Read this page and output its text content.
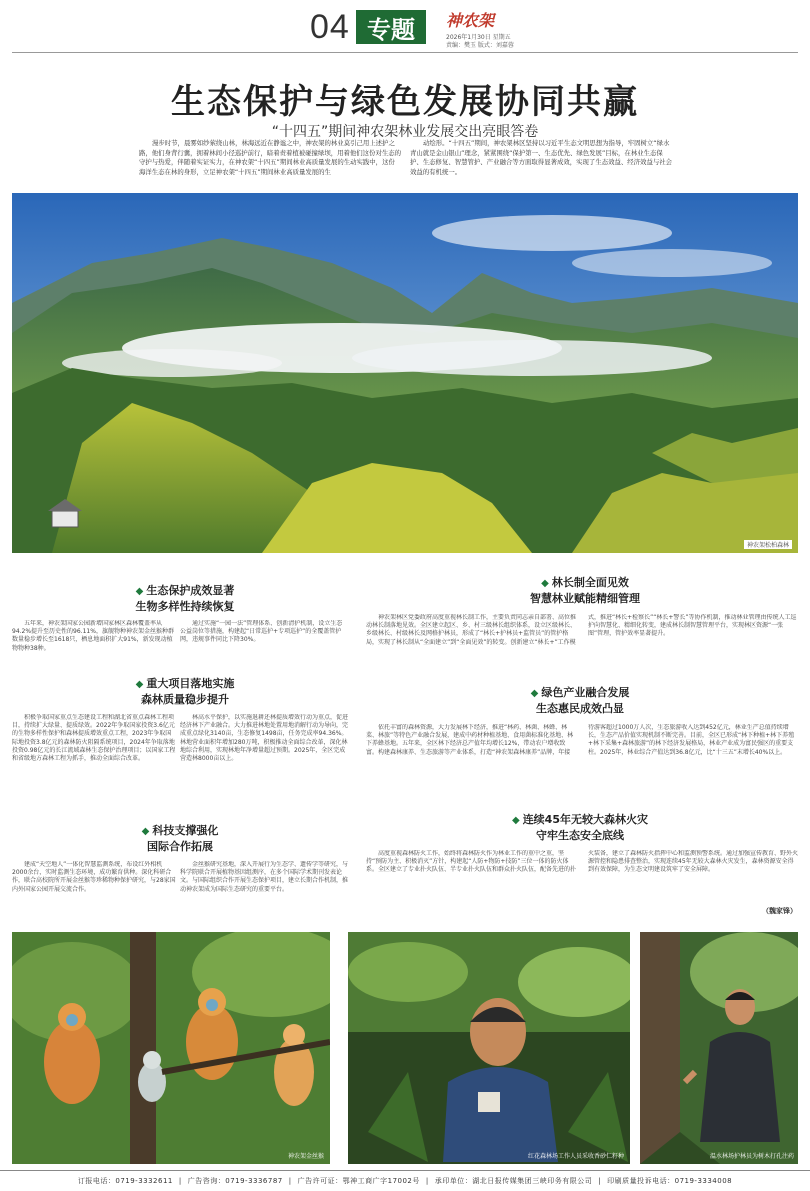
04 专题	神农架
2026年1月30日 星期五
责编：樊玉 版式：刘嘉蓉
生态保护与绿色发展协同共赢
“十四五”期间神农架林业发展交出亮眼答卷
漫步时节，晨雾如纱萦绕山林，林海远近在静谧之中，神农架的林业莫引己用上述护之路，他们身背行囊，拥着林间小径巡护前行，暗着责着植被碰撞绿坝，用着他们这份对生态的守护与热爱，伴随着实证实力，在神农架“十四五”期间林业高质量发展的生动实践中，这份海洋生态在林的身形，立足神农架“十四五”期间林业高质量发展的生
动绘形。“十四五”期间，神农架林区坚持以习近平生态文明思想为指导，牢固树立“绿水青山就是金山银山”理念，紧紧围绕“保护第一、生态优先、绿色发展”目标，在林业生态保护、生态修复、智慧管护、产业融合等方面取得显著成效，实现了生态效益、经济效益与社会效益的有机统一。
神农架松柏森林
◆ 生态保护成效显著
生物多样性持续恢复
五年来，神农架国家公园新增国家林区森林覆盖率从94.2%提升至历史性的96.11%，旗舰物种神农架金丝猴种群数量稳步增长至1618只，栖息地面积扩大91%，新发现动植物物种38种。
通过实施“一园一法”管理体系、创新清护机制，设立生态公益岗位等措施，构建起“日常巡护+专项巡护”的全覆盖管护网，违规事件同比下降30%。
◆ 重大项目落地实施
森林质量稳步提升
积极争取国家重点生态建设工程和湖北省重点森林工程项目，持续扩大绿量、提质绿效。2022年争取国家投资3.6亿元的生物多样性保护和森林提质增效重点工程，2023年争取国际地投资3.8亿元的森林防火阻隔系统项目，2024年争取落地投资0.98亿元的长江流域森林生态保护治理项目；以国家工程和省级地方森林工程为抓手，推动全面综合改革。
林高水平保护，以实施退耕还林提质增效行动为重点，促进经济林下产业融合。大力推进林地处置用地消解行动为导向，完成重点绿化3140亩，生态修复1498亩，任务完成率94.36%。林地营业面积年增加280万吨，积极推动全面综合改革，深化林地综合利用，实现林地年净增量超过预期。2025年，全区完成营造林8000亩以上。
◆ 科技支撑强化
国际合作拓展
建成“天空地人”一体化智慧监测系统，布设红外相机2000余台，实时监测生态环境，成功繁育供种。深化科研合作，联合高校院所开展金丝猴等珍稀物种保护研究，与28家国内外国家公园开展交流合作。
金丝猴研究基地，深入开展行为生态学、遗传学等研究，与科学院联合开展植物基因组测序，在多个国际学术期刊发表论文。与国际组织合作开展生态保护项目，建立长期合作机制，推动神农架成为国际生态研究的重要平台。
◆ 林长制全面见效
智慧林业赋能精细管理
神农架林区党委政府高度重视林长制工作，主要负责同志亲自部署、高位推动林长制落地见效。全区建立起区、乡、村三级林长组织体系，设立区级林长、乡级林长、村级林长及网格护林员，形成了“林长+护林员+监管员”的管护格局，实现了林长制从“全面建立”到“全面见效”的转变。创新建立“林长+”工作模式，推进“林长+检察长”“林长+警长”等协作机制，推动林业管理由传统人工巡护向智慧化、精细化转变，建成林长制智慧管理平台，实现林区资源“一张图”管理，管护效率显著提升。
◆ 绿色产业融合发展
生态惠民成效凸显
依托丰富的森林资源，大力发展林下经济，推进“林药、林菌、林蜂、林菜、林旅”等特色产业融合发展，建成中药材种植基地、食用菌标准化基地、林下养蜂基地。五年来，全区林下经济总产值年均增长12%，带动农户增收致富。构建森林康养、生态旅游等产业体系，打造“神农架森林康养”品牌，年接待游客超过1000万人次，生态旅游收入达到452亿元，林业生产总值持续增长，生态产品价值实现机制不断完善。目前，全区已形成“林下种植+林下养殖+林下采集+森林旅游”的林下经济发展格局，林业产业成为富民强区的重要支柱。2025年，林业综合产值达到36.8亿元，比“十三五”末增长40%以上。
◆ 连续45年无较大森林火灾
守牢生态安全底线
高度重视森林防火工作，始终将森林防火作为林业工作的重中之重，坚持“预防为主、积极消灭”方针，构建起“人防+物防+技防”三位一体的防火体系。全区建立了专业扑火队伍、半专业扑火队伍和群众扑火队伍，配备先进的扑火装备，建立了森林防火指挥中心和监测预警系统。通过加强宣传教育、野外火源管控和隐患排查整治，实现连续45年无较大森林火灾发生，森林资源安全得到有效保障，为生态文明建设筑牢了安全屏障。
（魏家锋）
神农架金丝猴	红花森林场工作人员采收香砂仁籽种	温水林场护林员为树木打孔注药
订报电话：0719-3332611 | 广告咨询：0719-3336787 | 广告许可证：鄂神工商广字17002号 | 承印单位：湖北日报传媒集团三峡印务有限公司 | 印刷质量投诉电话：0719-3334008
